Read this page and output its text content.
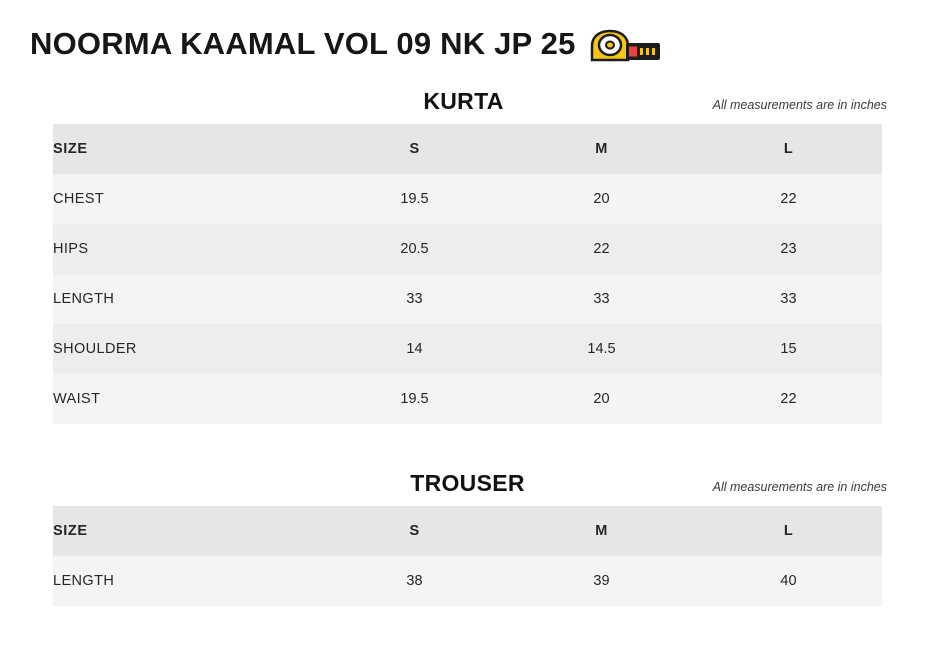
NOORMA KAAMAL VOL 09 NK JP 25
KURTA	All measurements are in inches
SIZE	S	M	L
CHEST	19.5	20	22
HIPS	20.5	22	23
LENGTH	33	33	33
SHOULDER	14	14.5	15
WAIST	19.5	20	22
TROUSER	All measurements are in inches
SIZE	S	M	L
LENGTH	38	39	40
